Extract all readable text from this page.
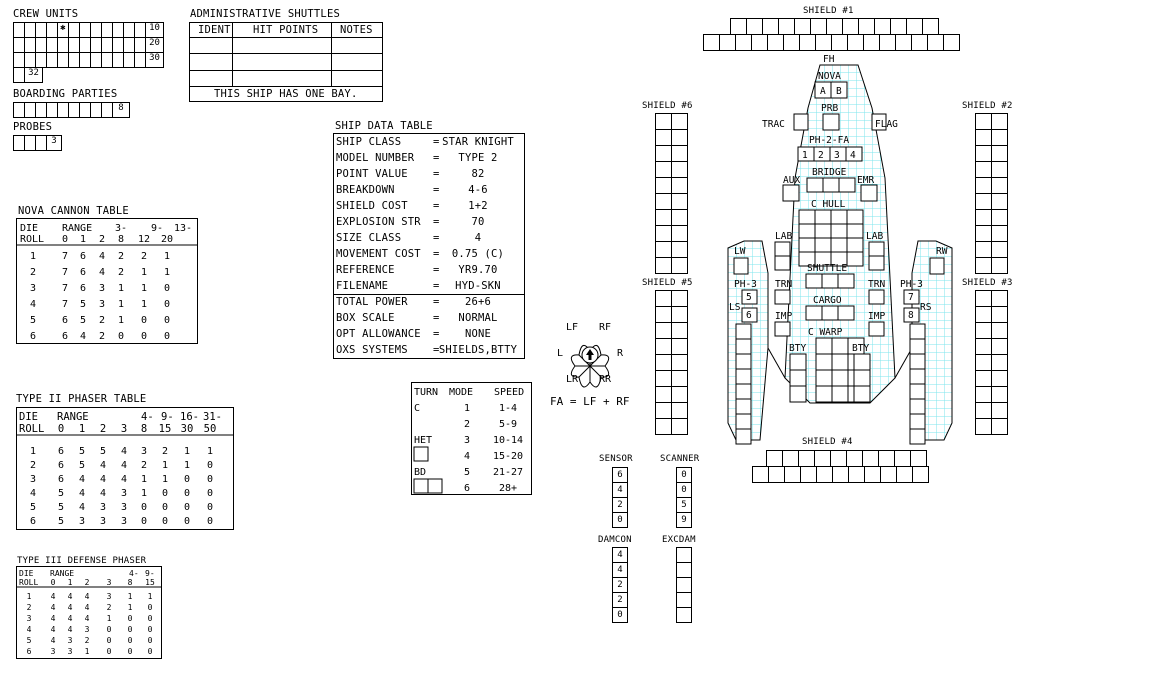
CREW UNITS
✱	10
20
30
32
BOARDING PARTIES
8
PROBES
3
ADMINISTRATIVE SHUTTLES
IDENT HIT POINTS NOTES
THIS SHIP HAS ONE BAY.
SHIP DATA TABLE
SHIP CLASS	= STAR KNIGHT
MODEL NUMBER = TYPE 2
POINT VALUE =	82
BREAKDOWN	=	4-6
SHIELD COST =	1+2
EXPLOSION STR =	70
SIZE CLASS	=	4
MOVEMENT COST = 0.75 (C)
REFERENCE	= YR9.70
FILENAME	= HYD-SKN
TOTAL POWER = 26+6
BOX SCALE	= NORMAL
OPT ALLOWANCE = NONE
OXS SYSTEMS = SHIELDS,BTTY
NOVA CANNON TABLE
DIE RANGE 3- 9- 13-
ROLL 0 1 2 8 12 20
1	7 6 4 2 2 1
2	7 6 4 2 1 1
3	7 6 3 1 1 0
4	7 5 3 1 1 0
5	6 5 2 1 0 0
6	6 4 2 0 0 0
TYPE II PHASER TABLE
DIE RANGE	4- 9- 16- 31-
ROLL 0 1 2 3 8 15 30 50
1 6 5 5 4 3 2 1 1
2 6 5 4 4 2 1 1 0
3 6 4 4 4 1 1 0 0
4 5 4 4 3 1 0 0 0
5 5 4 3 3 0 0 0 0
6 5 3 3 3 0 0 0 0
TYPE III DEFENSE PHASER
DIE RANGE	4- 9-
ROLL 0 1 2 3 8 15
1 4 4 4 3 1 1
2 4 4 4 2 1 0
3 4 4 4 1 0 0
4 4 4 3 0 0 0
5 4 3 2 0 0 0
6 3 3 1 0 0 0
TURN MODE SPEED
C	1	1-4
2	5-9
HET	3 10-14
4 15-20
BD	5 21-27
6	28+
LF RF
L	R
LR RR
FA = LF + RF
SENSOR
6
4
2
0
SCANNER
0
0
5
9
DAMCON
4
4
2
2
0
EXCDAM
SHIELD #1
SHIELD #2
SHIELD #3
SHIELD #4
SHIELD #5
SHIELD #6
FH
NOVA
A B
PRB
TRAC	FLAG
PH-2-FA
1 2 3 4
BRIDGE
AUX	EMR
C HULL
LAB	LAB
LW	RW
SHUTTLE
PH-3	PH-3
TRN	TRN
CARGO
5
6
7
8
LS	RS
IMP	IMP
C WARP
BTY	BTY
